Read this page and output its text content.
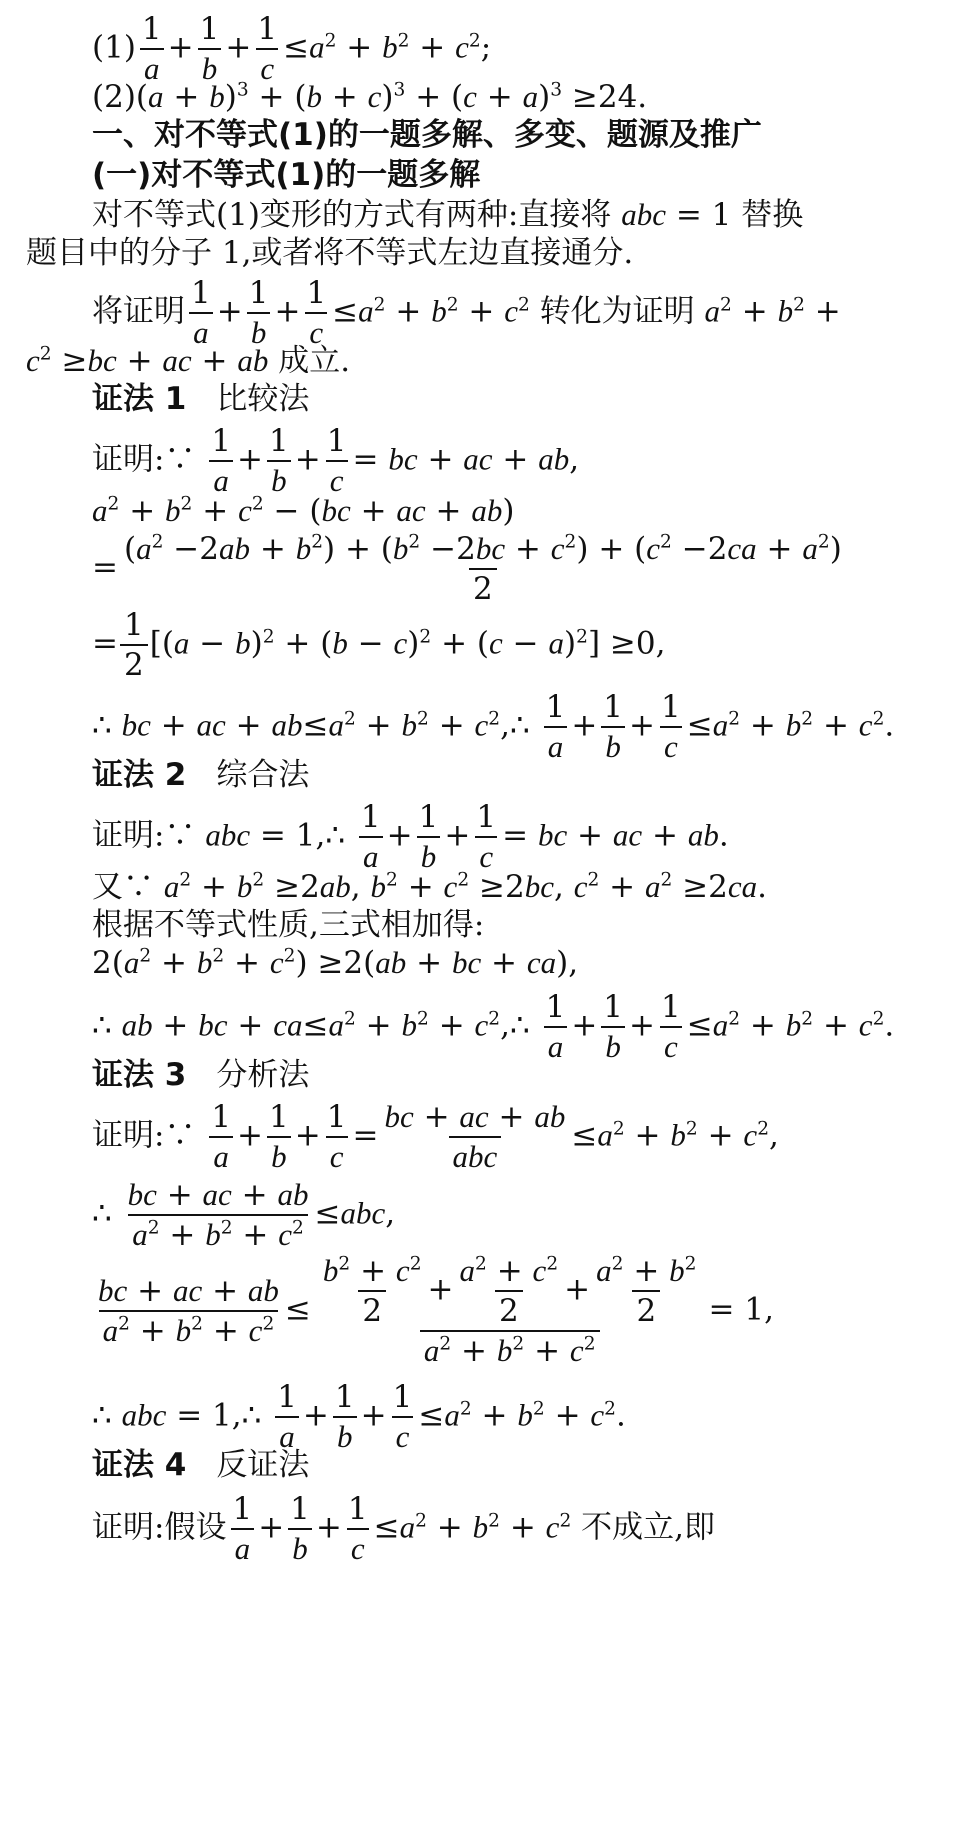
$(1) \frac{1}{a} + \frac{1}{b} + \frac{1}{c} \le a^2 + b^2 + c^2$;
$(2)(a + b)^3 + (b + c)^3 + (c + a)^3 \ge 24$.
一、对不等式(1)的一题多解、多变、题源及推广
(一)对不等式(1)的一题多解
对不等式(1)变形的方式有两种:直接将 abc = 1 替换
题目中的分子 1,或者将不等式左边直接通分.
将证明 $\frac{1}{a} + \frac{1}{b} + \frac{1}{c} \le a^2 + b^2 + c^2$ 转化为证明 $a^2 + b^2$ +
$c^2 \ge bc$ + ac + ab 成立.
证法 1 比较法
证明:∵ $\frac{1}{a} + \frac{1}{b} + \frac{1}{c}$ = bc + ac + ab,
$a^2 + b^2 + c^2 - (bc$ + ac + ab)
= $\frac{(a^2 -2ab + b^2) + (b^2 -2bc + c^2) + (c^2 -2ca + a^2)}{2}$
= $\frac{1}{2} [(a - b)^2 + (b - c)^2 + (c - a)^2] \ge 0$,
∴ bc + ac + $ab\le a^2 + b^2$ + $c^2,\therefore \frac{1}{a} + \frac{1}{b} + \frac{1}{c} \le a^2 + b^2 + c^2$.
证法 2 综合法
证明:∵ abc = 1,∴ $\frac{1}{a} + \frac{1}{b} + \frac{1}{c}$ = bc + ac + ab.
又∵ $a^2 + b^2 \ge 2ab$, $b^2 + c^2 \ge 2bc$, $c^2 + a^2 \ge 2ca$.
根据不等式性质,三式相加得:
$2(a^2 + b^2 + c^2) \ge 2(ab$ + bc + ca),
∴ ab + bc + $ca\le a^2 + b^2$ + $c^2,\therefore \frac{1}{a} + \frac{1}{b} + \frac{1}{c} \le a^2 + b^2 + c^2$.
证法 3 分析法
证明:∵ $\frac{1}{a} + \frac{1}{b} + \frac{1}{c} = \frac{bc + ac + ab}{\text{abc}} \le a^2 + b^2 + c^2$,
∴ $\frac{bc + ac + ab}{a^2 + b^2 + c^2} \le abc$,
$\frac{bc + ac + ab}{a^2 + b^2 + c^2} \le \frac{\frac{b^2 + c^2}{2} + \frac{a^2 + c^2}{2} + \frac{a^2 + b^2}{2}}{a^2 + b^2 + c^2} = 1$,
∴ abc = 1,∴ $\frac{1}{a} + \frac{1}{b} + \frac{1}{c} \le a^2 + b^2 + c^2$.
证法 4 反证法
证明:假设 $\frac{1}{a} + \frac{1}{b} + \frac{1}{c} \le a^2 + b^2 + c^2$ 不成立,即
